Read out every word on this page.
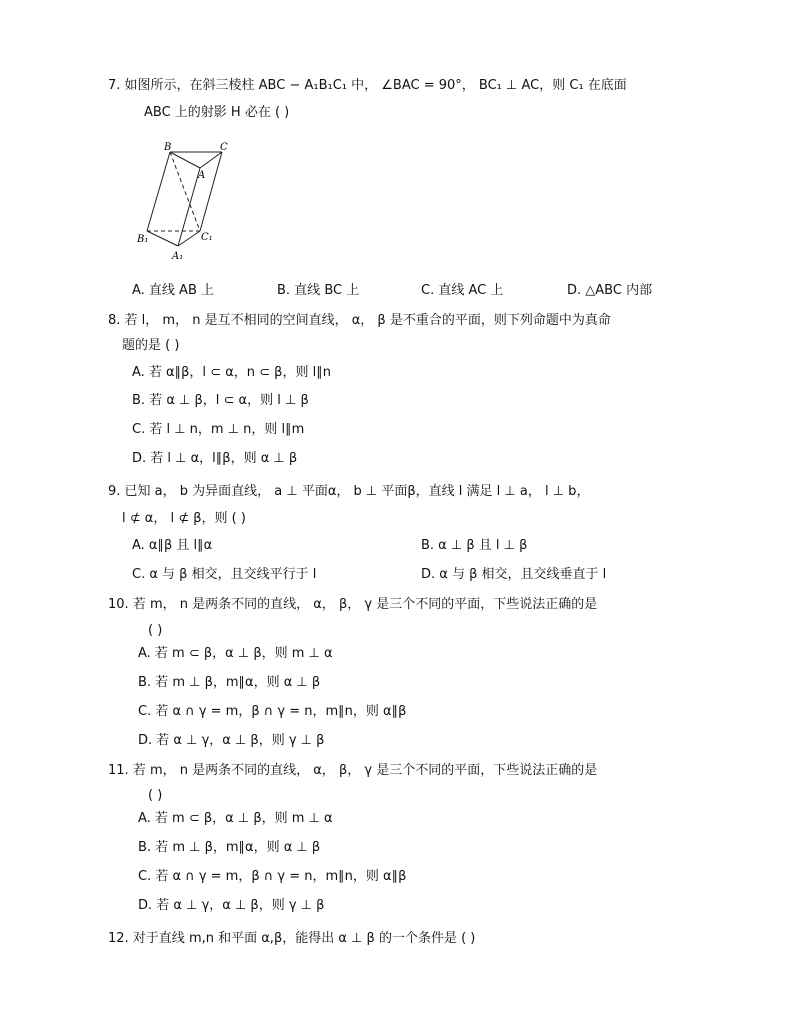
7. 如图所示，在斜三棱柱 ABC − A₁B₁C₁ 中， ∠BAC = 90°， BC₁ ⊥ AC，则 C₁ 在底面
ABC 上的射影 H 必在 ( )
B	C
A
B₁	C₁
A₁
A. 直线 AB 上	B. 直线 BC 上	C. 直线 AC 上	D. △ABC 内部
8. 若 l， m， n 是互不相同的空间直线， α， β 是不重合的平面，则下列命题中为真命
题的是 ( )
A. 若 α∥β，l ⊂ α，n ⊂ β，则 l∥n
B. 若 α ⊥ β，l ⊂ α，则 l ⊥ β
C. 若 l ⊥ n，m ⊥ n，则 l∥m
D. 若 l ⊥ α，l∥β，则 α ⊥ β
9. 已知 a， b 为异面直线， a ⊥ 平面α， b ⊥ 平面β，直线 l 满足 l ⊥ a， l ⊥ b，
l ⊄ α， l ⊄ β，则 ( )
A. α∥β 且 l∥α	B. α ⊥ β 且 l ⊥ β
C. α 与 β 相交，且交线平行于 l	D. α 与 β 相交，且交线垂直于 l
10. 若 m， n 是两条不同的直线， α， β， γ 是三个不同的平面，下些说法正确的是
( )
A. 若 m ⊂ β，α ⊥ β，则 m ⊥ α
B. 若 m ⊥ β，m∥α，则 α ⊥ β
C. 若 α ∩ γ = m，β ∩ γ = n，m∥n，则 α∥β
D. 若 α ⊥ γ，α ⊥ β，则 γ ⊥ β
11. 若 m， n 是两条不同的直线， α， β， γ 是三个不同的平面，下些说法正确的是
( )
A. 若 m ⊂ β，α ⊥ β，则 m ⊥ α
B. 若 m ⊥ β，m∥α，则 α ⊥ β
C. 若 α ∩ γ = m，β ∩ γ = n，m∥n，则 α∥β
D. 若 α ⊥ γ，α ⊥ β，则 γ ⊥ β
12. 对于直线 m,n 和平面 α,β，能得出 α ⊥ β 的一个条件是 ( )
